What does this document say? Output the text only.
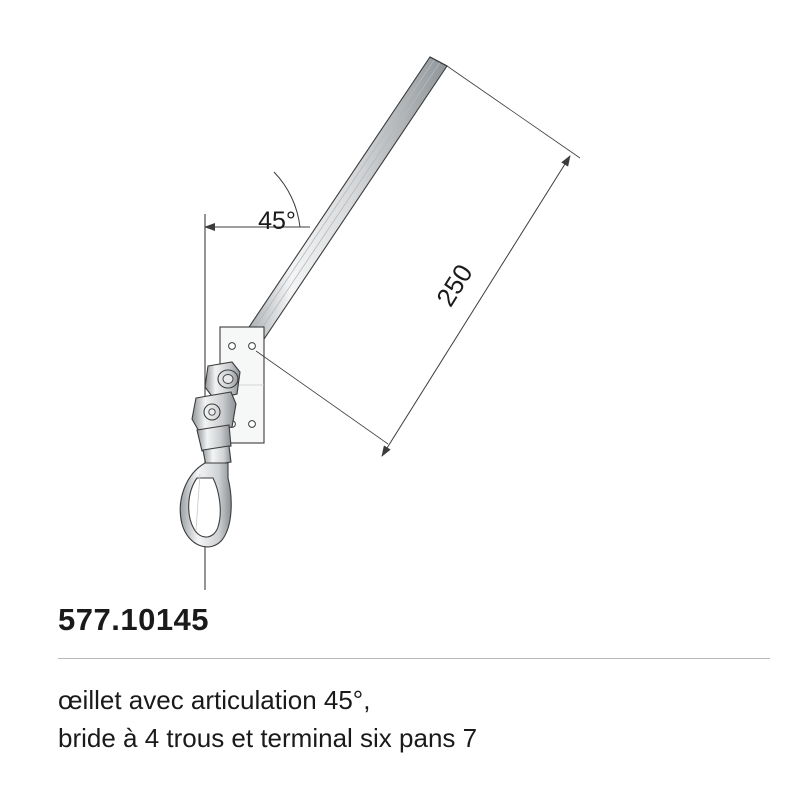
250
45°
577.10145
œillet avec articulation 45°,
bride à 4 trous et terminal six pans 7
